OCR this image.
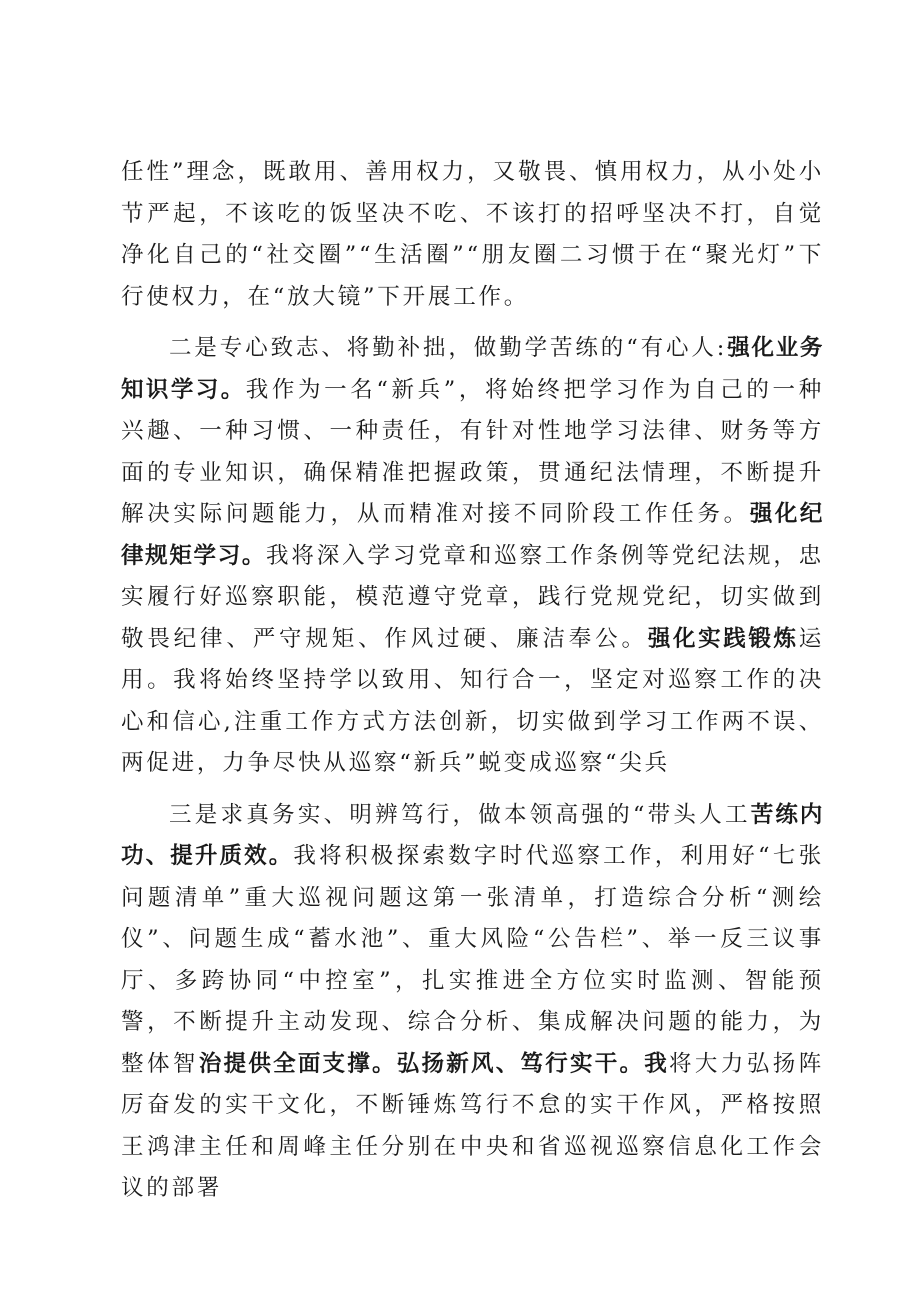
任性”理念，既敢用、善用权力，又敬畏、慎用权力，从小处小节严起，不该吃的饭坚决不吃、不该打的招呼坚决不打，自觉净化自己的“社交圈”“生活圈”“朋友圈二习惯于在“聚光灯”下行使权力，在“放大镜”下开展工作。

二是专心致志、将勤补拙，做勤学苦练的“有心人:强化业务知识学习。我作为一名“新兵”，将始终把学习作为自己的一种兴趣、一种习惯、一种责任，有针对性地学习法律、财务等方面的专业知识，确保精准把握政策，贯通纪法情理，不断提升解决实际问题能力，从而精准对接不同阶段工作任务。强化纪律规矩学习。我将深入学习党章和巡察工作条例等党纪法规，忠实履行好巡察职能，模范遵守党章，践行党规党纪，切实做到敬畏纪律、严守规矩、作风过硬、廉洁奉公。强化实践锻炼运用。我将始终坚持学以致用、知行合一，坚定对巡察工作的决心和信心,注重工作方式方法创新，切实做到学习工作两不误、两促进，力争尽快从巡察“新兵”蜕变成巡察“尖兵

三是求真务实、明辨笃行，做本领高强的“带头人工苦练内功、提升质效。我将积极探索数字时代巡察工作，利用好“七张问题清单”重大巡视问题这第一张清单，打造综合分析“测绘仪”、问题生成“蓄水池”、重大风险“公告栏”、举一反三议事厅、多跨协同“中控室”，扎实推进全方位实时监测、智能预警，不断提升主动发现、综合分析、集成解决问题的能力，为整体智治提供全面支撑。弘扬新风、笃行实干。我将大力弘扬阵厉奋发的实干文化，不断锤炼笃行不怠的实干作风，严格按照王鸿津主任和周峰主任分别在中央和省巡视巡察信息化工作会议的部署
